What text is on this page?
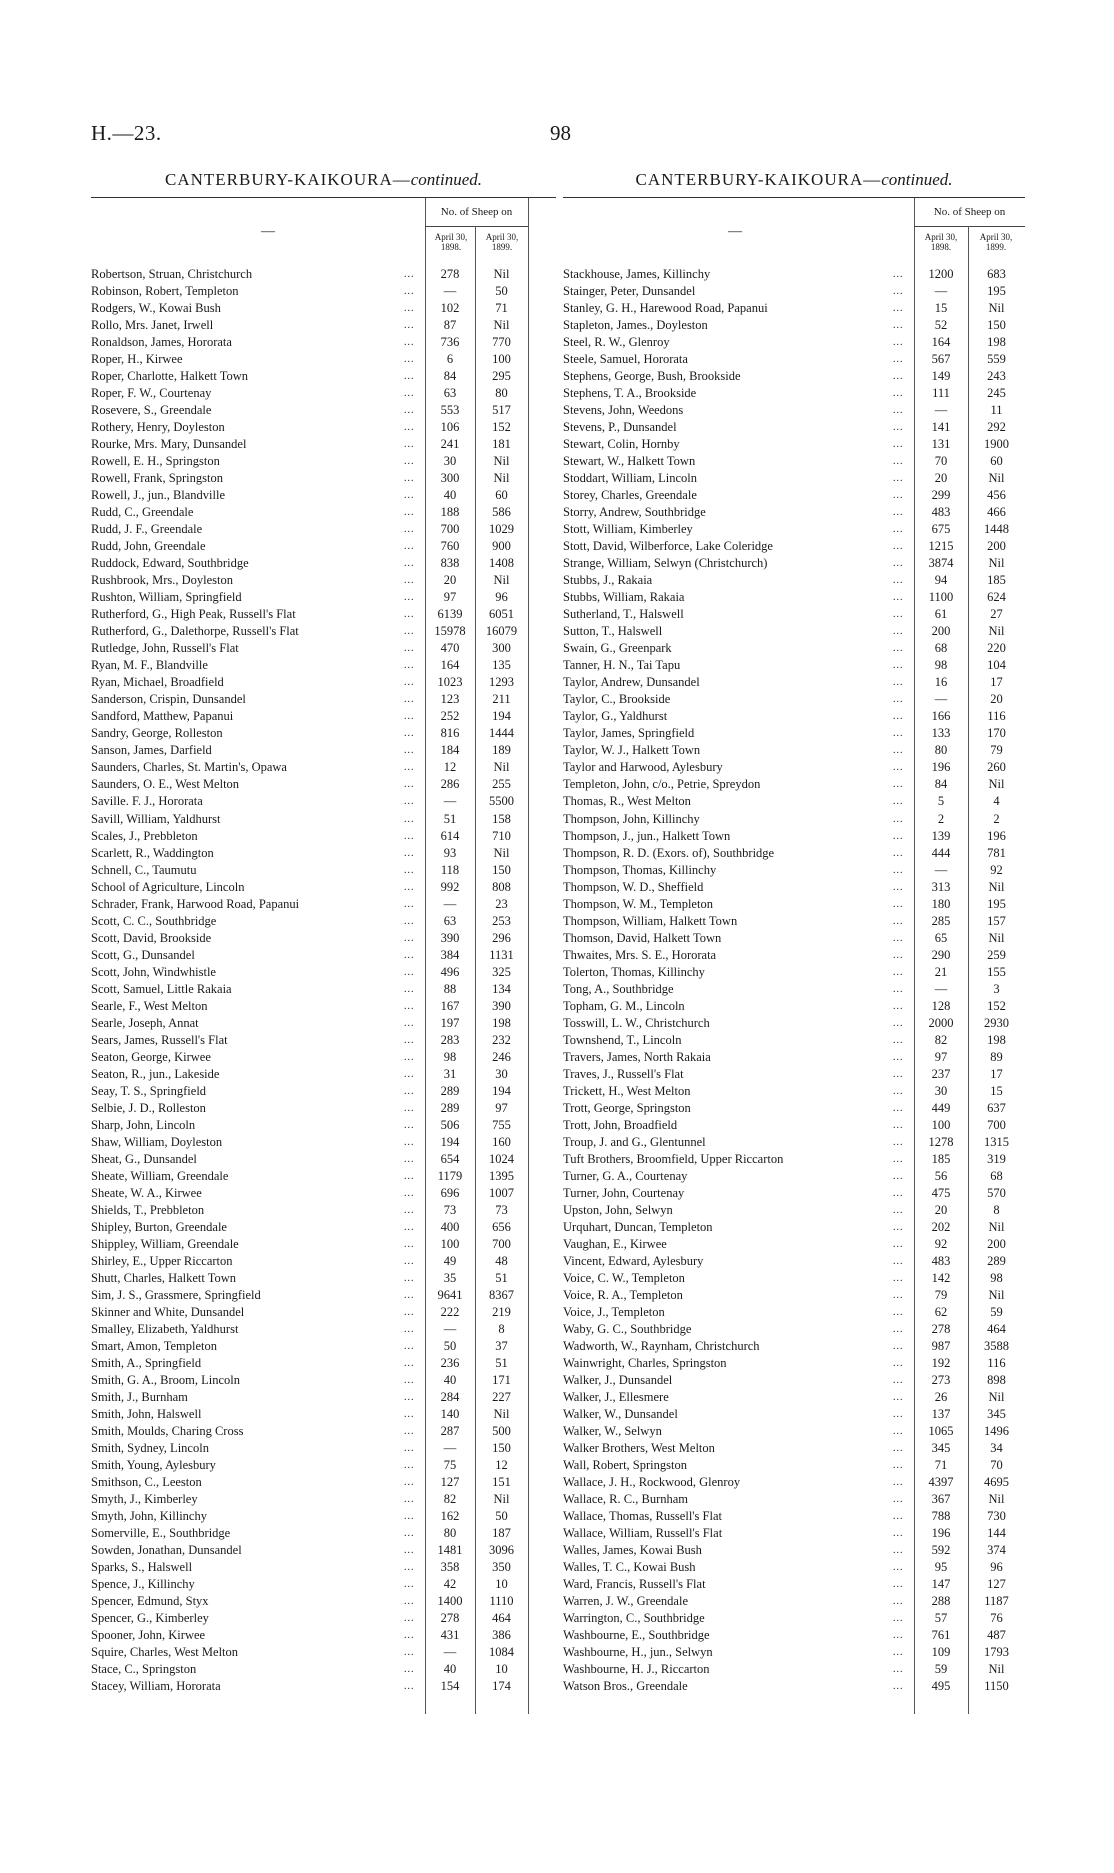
H.—23.	98
CANTERBURY-KAIKOURA—continued.
—
No. of Sheep on
April 30,
1898.
April 30,
1899.
Robertson, Struan, Christchurch	...	278	Nil
Robinson, Robert, Templeton	...	—	50
Rodgers, W., Kowai Bush	...	102	71
Rollo, Mrs. Janet, Irwell	...	87	Nil
Ronaldson, James, Hororata	...	736	770
Roper, H., Kirwee	...	6	100
Roper, Charlotte, Halkett Town	...	84	295
Roper, F. W., Courtenay	...	63	80
Rosevere, S., Greendale	...	553	517
Rothery, Henry, Doyleston	...	106	152
Rourke, Mrs. Mary, Dunsandel	...	241	181
Rowell, E. H., Springston	...	30	Nil
Rowell, Frank, Springston	...	300	Nil
Rowell, J., jun., Blandville	...	40	60
Rudd, C., Greendale	...	188	586
Rudd, J. F., Greendale	...	700	1029
Rudd, John, Greendale	...	760	900
Ruddock, Edward, Southbridge	...	838	1408
Rushbrook, Mrs., Doyleston	...	20	Nil
Rushton, William, Springfield	...	97	96
Rutherford, G., High Peak, Russell's Flat	...	6139	6051
Rutherford, G., Dalethorpe, Russell's Flat	...	15978	16079
Rutledge, John, Russell's Flat	...	470	300
Ryan, M. F., Blandville	...	164	135
Ryan, Michael, Broadfield	...	1023	1293
Sanderson, Crispin, Dunsandel	...	123	211
Sandford, Matthew, Papanui	...	252	194
Sandry, George, Rolleston	...	816	1444
Sanson, James, Darfield	...	184	189
Saunders, Charles, St. Martin's, Opawa	...	12	Nil
Saunders, O. E., West Melton	...	286	255
Saville. F. J., Hororata	...	—	5500
Savill, William, Yaldhurst	...	51	158
Scales, J., Prebbleton	...	614	710
Scarlett, R., Waddington	...	93	Nil
Schnell, C., Taumutu	...	118	150
School of Agriculture, Lincoln	...	992	808
Schrader, Frank, Harwood Road, Papanui	...	—	23
Scott, C. C., Southbridge	...	63	253
Scott, David, Brookside	...	390	296
Scott, G., Dunsandel	...	384	1131
Scott, John, Windwhistle	...	496	325
Scott, Samuel, Little Rakaia	...	88	134
Searle, F., West Melton	...	167	390
Searle, Joseph, Annat	...	197	198
Sears, James, Russell's Flat	...	283	232
Seaton, George, Kirwee	...	98	246
Seaton, R., jun., Lakeside	...	31	30
Seay, T. S., Springfield	...	289	194
Selbie, J. D., Rolleston	...	289	97
Sharp, John, Lincoln	...	506	755
Shaw, William, Doyleston	...	194	160
Sheat, G., Dunsandel	...	654	1024
Sheate, William, Greendale	...	1179	1395
Sheate, W. A., Kirwee	...	696	1007
Shields, T., Prebbleton	...	73	73
Shipley, Burton, Greendale	...	400	656
Shippley, William, Greendale	...	100	700
Shirley, E., Upper Riccarton	...	49	48
Shutt, Charles, Halkett Town	...	35	51
Sim, J. S., Grassmere, Springfield	...	9641	8367
Skinner and White, Dunsandel	...	222	219
Smalley, Elizabeth, Yaldhurst	...	—	8
Smart, Amon, Templeton	...	50	37
Smith, A., Springfield	...	236	51
Smith, G. A., Broom, Lincoln	...	40	171
Smith, J., Burnham	...	284	227
Smith, John, Halswell	...	140	Nil
Smith, Moulds, Charing Cross	...	287	500
Smith, Sydney, Lincoln	...	—	150
Smith, Young, Aylesbury	...	75	12
Smithson, C., Leeston	...	127	151
Smyth, J., Kimberley	...	82	Nil
Smyth, John, Killinchy	...	162	50
Somerville, E., Southbridge	...	80	187
Sowden, Jonathan, Dunsandel	...	1481	3096
Sparks, S., Halswell	...	358	350
Spence, J., Killinchy	...	42	10
Spencer, Edmund, Styx	...	1400	1110
Spencer, G., Kimberley	...	278	464
Spooner, John, Kirwee	...	431	386
Squire, Charles, West Melton	...	—	1084
Stace, C., Springston	...	40	10
Stacey, William, Hororata	...	154	174
CANTERBURY-KAIKOURA—continued.
—
No. of Sheep on
April 30,
1898.
April 30,
1899.
Stackhouse, James, Killinchy	...	1200	683
Stainger, Peter, Dunsandel	...	—	195
Stanley, G. H., Harewood Road, Papanui	...	15	Nil
Stapleton, James., Doyleston	...	52	150
Steel, R. W., Glenroy	...	164	198
Steele, Samuel, Hororata	...	567	559
Stephens, George, Bush, Brookside	...	149	243
Stephens, T. A., Brookside	...	111	245
Stevens, John, Weedons	...	—	11
Stevens, P., Dunsandel	...	141	292
Stewart, Colin, Hornby	...	131	1900
Stewart, W., Halkett Town	...	70	60
Stoddart, William, Lincoln	...	20	Nil
Storey, Charles, Greendale	...	299	456
Storry, Andrew, Southbridge	...	483	466
Stott, William, Kimberley	...	675	1448
Stott, David, Wilberforce, Lake Coleridge	...	1215	200
Strange, William, Selwyn (Christchurch)	...	3874	Nil
Stubbs, J., Rakaia	...	94	185
Stubbs, William, Rakaia	...	1100	624
Sutherland, T., Halswell	...	61	27
Sutton, T., Halswell	...	200	Nil
Swain, G., Greenpark	...	68	220
Tanner, H. N., Tai Tapu	...	98	104
Taylor, Andrew, Dunsandel	...	16	17
Taylor, C., Brookside	...	—	20
Taylor, G., Yaldhurst	...	166	116
Taylor, James, Springfield	...	133	170
Taylor, W. J., Halkett Town	...	80	79
Taylor and Harwood, Aylesbury	...	196	260
Templeton, John, c/o., Petrie, Spreydon	...	84	Nil
Thomas, R., West Melton	...	5	4
Thompson, John, Killinchy	...	2	2
Thompson, J., jun., Halkett Town	...	139	196
Thompson, R. D. (Exors. of), Southbridge	...	444	781
Thompson, Thomas, Killinchy	...	—	92
Thompson, W. D., Sheffield	...	313	Nil
Thompson, W. M., Templeton	...	180	195
Thompson, William, Halkett Town	...	285	157
Thomson, David, Halkett Town	...	65	Nil
Thwaites, Mrs. S. E., Hororata	...	290	259
Tolerton, Thomas, Killinchy	...	21	155
Tong, A., Southbridge	...	—	3
Topham, G. M., Lincoln	...	128	152
Tosswill, L. W., Christchurch	...	2000	2930
Townshend, T., Lincoln	...	82	198
Travers, James, North Rakaia	...	97	89
Traves, J., Russell's Flat	...	237	17
Trickett, H., West Melton	...	30	15
Trott, George, Springston	...	449	637
Trott, John, Broadfield	...	100	700
Troup, J. and G., Glentunnel	...	1278	1315
Tuft Brothers, Broomfield, Upper Riccarton	...	185	319
Turner, G. A., Courtenay	...	56	68
Turner, John, Courtenay	...	475	570
Upston, John, Selwyn	...	20	8
Urquhart, Duncan, Templeton	...	202	Nil
Vaughan, E., Kirwee	...	92	200
Vincent, Edward, Aylesbury	...	483	289
Voice, C. W., Templeton	...	142	98
Voice, R. A., Templeton	...	79	Nil
Voice, J., Templeton	...	62	59
Waby, G. C., Southbridge	...	278	464
Wadworth, W., Raynham, Christchurch	...	987	3588
Wainwright, Charles, Springston	...	192	116
Walker, J., Dunsandel	...	273	898
Walker, J., Ellesmere	...	26	Nil
Walker, W., Dunsandel	...	137	345
Walker, W., Selwyn	...	1065	1496
Walker Brothers, West Melton	...	345	34
Wall, Robert, Springston	...	71	70
Wallace, J. H., Rockwood, Glenroy	...	4397	4695
Wallace, R. C., Burnham	...	367	Nil
Wallace, Thomas, Russell's Flat	...	788	730
Wallace, William, Russell's Flat	...	196	144
Walles, James, Kowai Bush	...	592	374
Walles, T. C., Kowai Bush	...	95	96
Ward, Francis, Russell's Flat	...	147	127
Warren, J. W., Greendale	...	288	1187
Warrington, C., Southbridge	...	57	76
Washbourne, E., Southbridge	...	761	487
Washbourne, H., jun., Selwyn	...	109	1793
Washbourne, H. J., Riccarton	...	59	Nil
Watson Bros., Greendale	...	495	1150
